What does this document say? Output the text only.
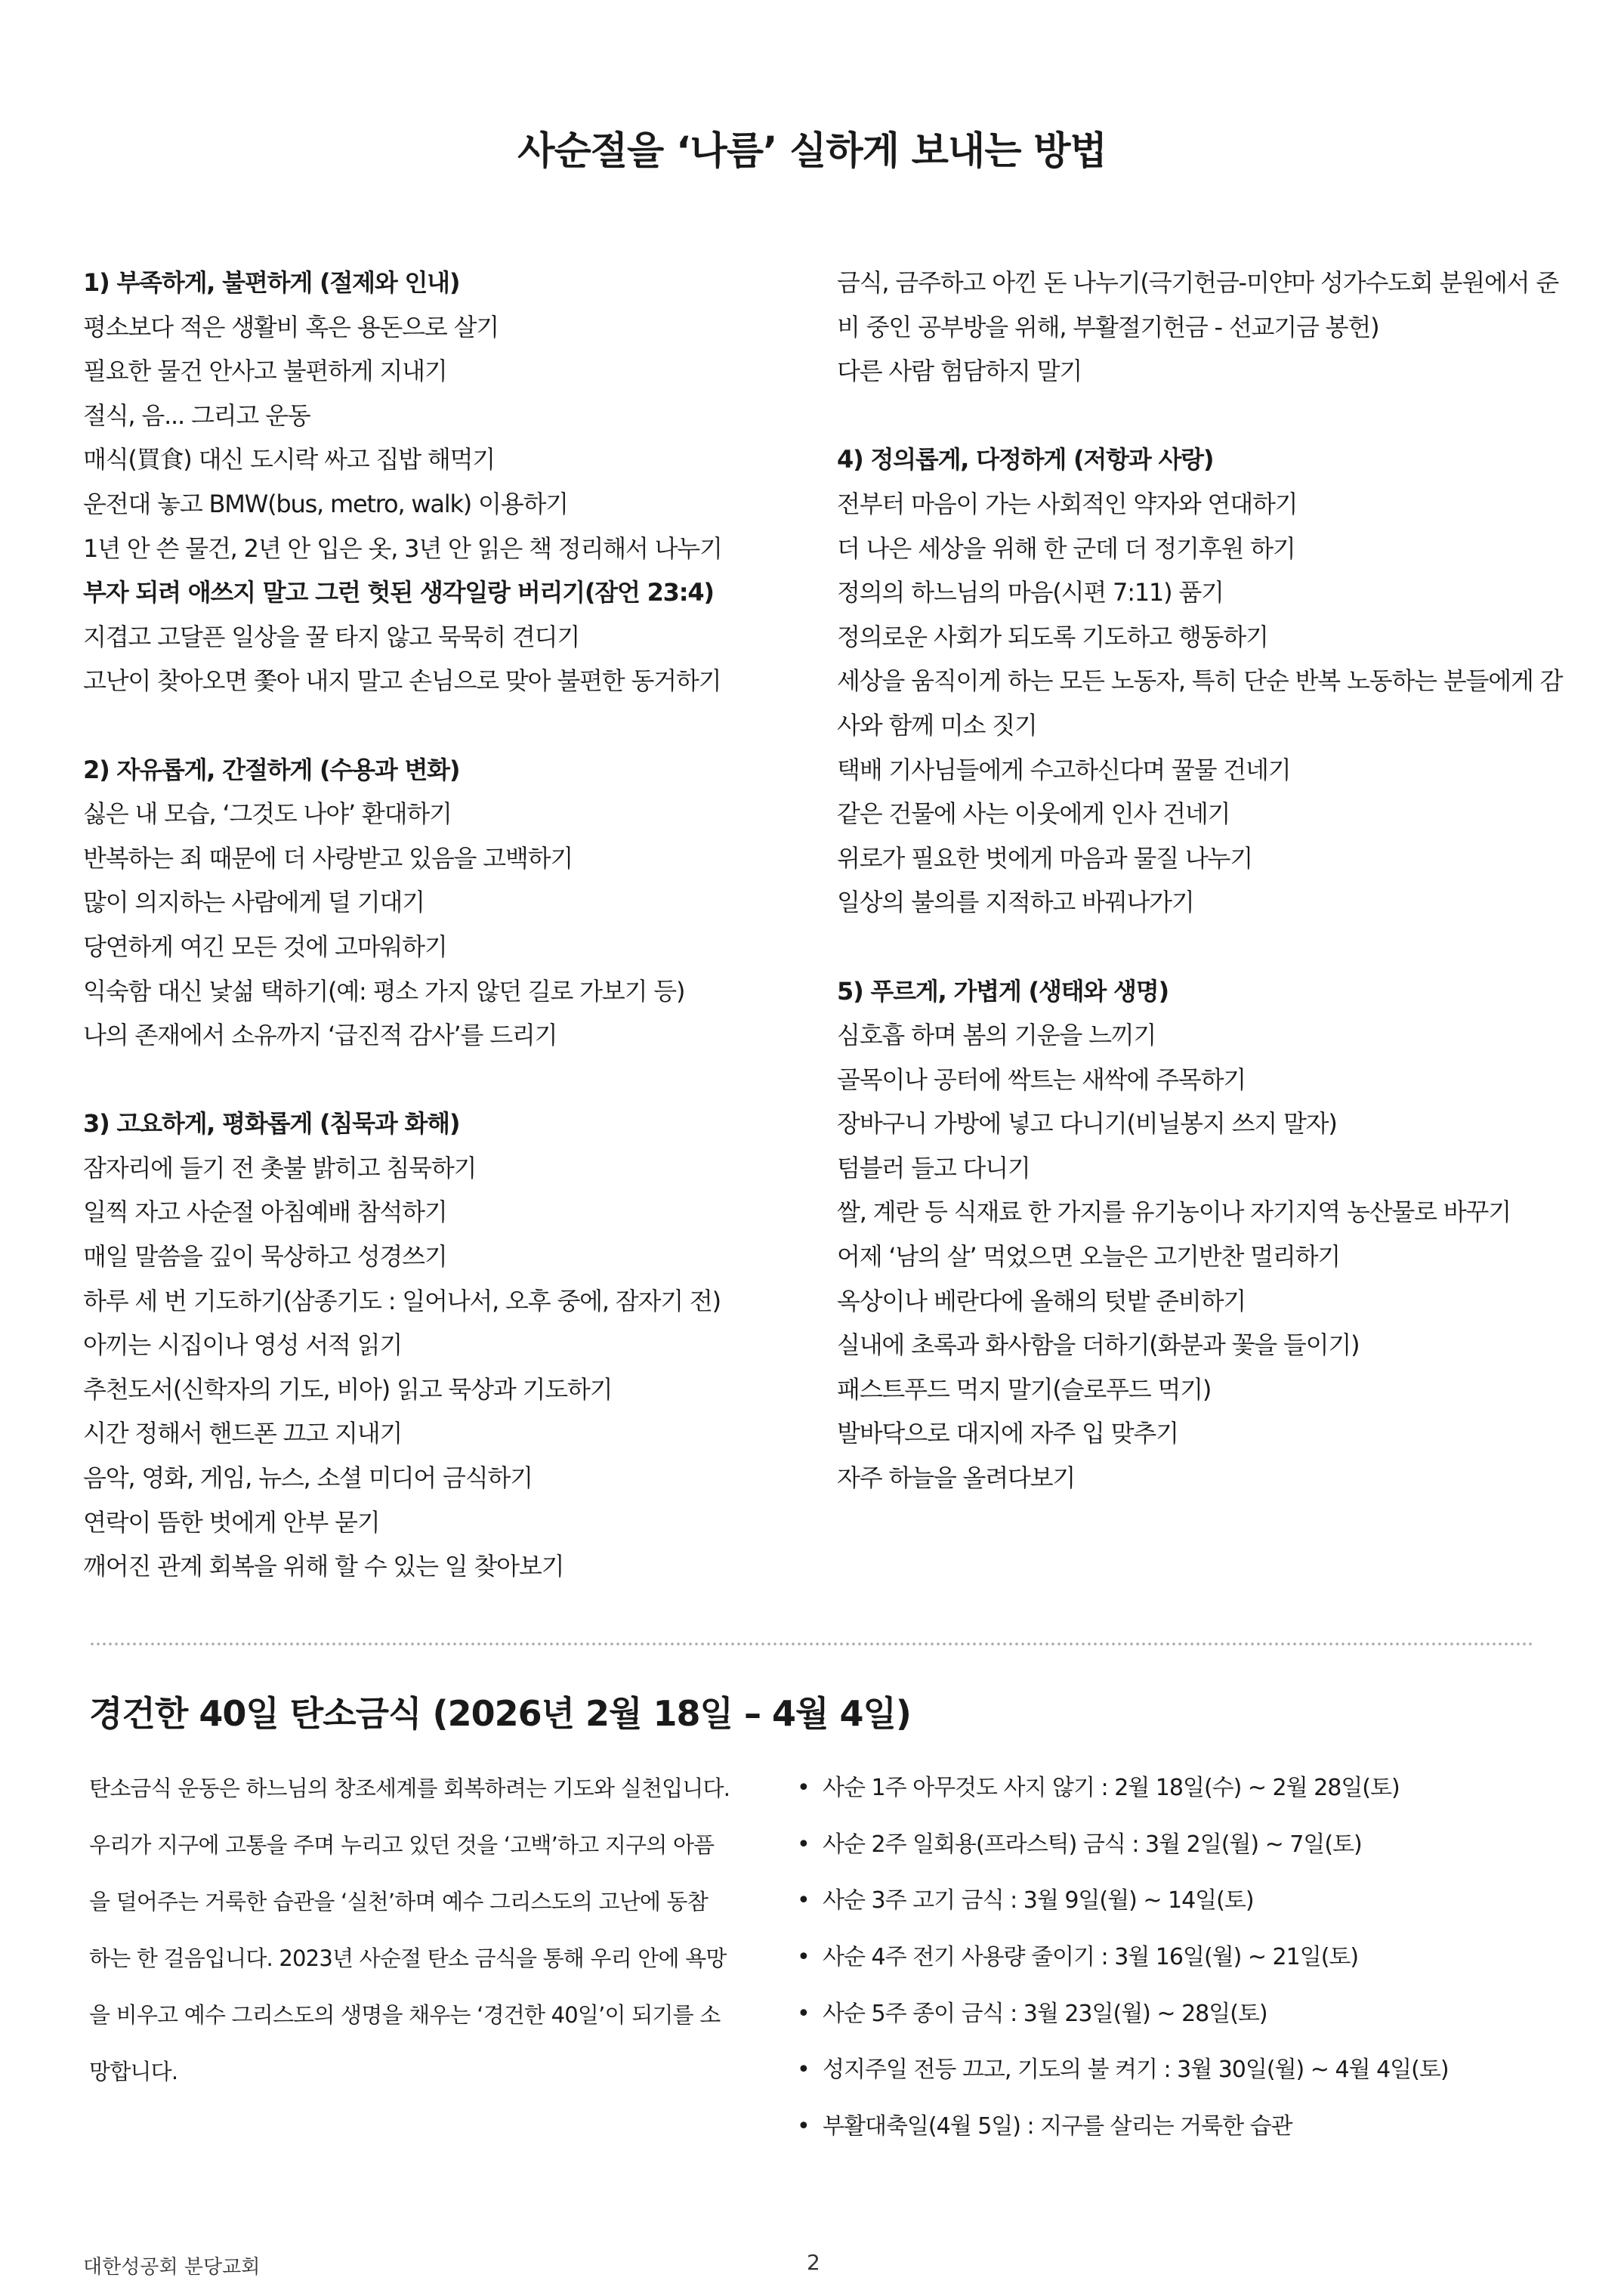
사순절을 ‘나름’ 실하게 보내는 방법
1) 부족하게, 불편하게 (절제와 인내)
평소보다 적은 생활비 혹은 용돈으로 살기
필요한 물건 안사고 불편하게 지내기
절식, 음... 그리고 운동
매식(買食) 대신 도시락 싸고 집밥 해먹기
운전대 놓고 BMW(bus, metro, walk) 이용하기
1년 안 쓴 물건, 2년 안 입은 옷, 3년 안 읽은 책 정리해서 나누기
부자 되려 애쓰지 말고 그런 헛된 생각일랑 버리기(잠언 23:4)
지겹고 고달픈 일상을 꿀 타지 않고 묵묵히 견디기
고난이 찾아오면 쫓아 내지 말고 손님으로 맞아 불편한 동거하기
2) 자유롭게, 간절하게 (수용과 변화)
싫은 내 모습, ‘그것도 나야’ 환대하기
반복하는 죄 때문에 더 사랑받고 있음을 고백하기
많이 의지하는 사람에게 덜 기대기
당연하게 여긴 모든 것에 고마워하기
익숙함 대신 낯섦 택하기(예: 평소 가지 않던 길로 가보기 등)
나의 존재에서 소유까지 ‘급진적 감사’를 드리기
3) 고요하게, 평화롭게 (침묵과 화해)
잠자리에 들기 전 촛불 밝히고 침묵하기
일찍 자고 사순절 아침예배 참석하기
매일 말씀을 깊이 묵상하고 성경쓰기
하루 세 번 기도하기(삼종기도 : 일어나서, 오후 중에, 잠자기 전)
아끼는 시집이나 영성 서적 읽기
추천도서(신학자의 기도, 비아) 읽고 묵상과 기도하기
시간 정해서 핸드폰 끄고 지내기
음악, 영화, 게임, 뉴스, 소셜 미디어 금식하기
연락이 뜸한 벗에게 안부 묻기
깨어진 관계 회복을 위해 할 수 있는 일 찾아보기
금식, 금주하고 아낀 돈 나누기(극기헌금-미얀마 성가수도회 분원에서 준
비 중인 공부방을 위해, 부활절기헌금 - 선교기금 봉헌)
다른 사람 험담하지 말기
4) 정의롭게, 다정하게 (저항과 사랑)
전부터 마음이 가는 사회적인 약자와 연대하기
더 나은 세상을 위해 한 군데 더 정기후원 하기
정의의 하느님의 마음(시편 7:11) 품기
정의로운 사회가 되도록 기도하고 행동하기
세상을 움직이게 하는 모든 노동자, 특히 단순 반복 노동하는 분들에게 감
사와 함께 미소 짓기
택배 기사님들에게 수고하신다며 꿀물 건네기
같은 건물에 사는 이웃에게 인사 건네기
위로가 필요한 벗에게 마음과 물질 나누기
일상의 불의를 지적하고 바꿔나가기
5) 푸르게, 가볍게 (생태와 생명)
심호흡 하며 봄의 기운을 느끼기
골목이나 공터에 싹트는 새싹에 주목하기
장바구니 가방에 넣고 다니기(비닐봉지 쓰지 말자)
텀블러 들고 다니기
쌀, 계란 등 식재료 한 가지를 유기농이나 자기지역 농산물로 바꾸기
어제 ‘남의 살’ 먹었으면 오늘은 고기반찬 멀리하기
옥상이나 베란다에 올해의 텃밭 준비하기
실내에 초록과 화사함을 더하기(화분과 꽃을 들이기)
패스트푸드 먹지 말기(슬로푸드 먹기)
발바닥으로 대지에 자주 입 맞추기
자주 하늘을 올려다보기
경건한 40일 탄소금식 (2026년 2월 18일 – 4월 4일)
탄소금식 운동은 하느님의 창조세계를 회복하려는 기도와 실천입니다.
우리가 지구에 고통을 주며 누리고 있던 것을 ‘고백’하고 지구의 아픔
을 덜어주는 거룩한 습관을 ‘실천’하며 예수 그리스도의 고난에 동참
하는 한 걸음입니다. 2023년 사순절 탄소 금식을 통해 우리 안에 욕망
을 비우고 예수 그리스도의 생명을 채우는 ‘경건한 40일’이 되기를 소
망합니다.
• 사순 1주 아무것도 사지 않기 : 2월 18일(수) ~ 2월 28일(토)
• 사순 2주 일회용(프라스틱) 금식 : 3월 2일(월) ~ 7일(토)
• 사순 3주 고기 금식 : 3월 9일(월) ~ 14일(토)
• 사순 4주 전기 사용량 줄이기 : 3월 16일(월) ~ 21일(토)
• 사순 5주 종이 금식 : 3월 23일(월) ~ 28일(토)
• 성지주일 전등 끄고, 기도의 불 켜기 : 3월 30일(월) ~ 4월 4일(토)
• 부활대축일(4월 5일) : 지구를 살리는 거룩한 습관
대한성공회 분당교회	2
